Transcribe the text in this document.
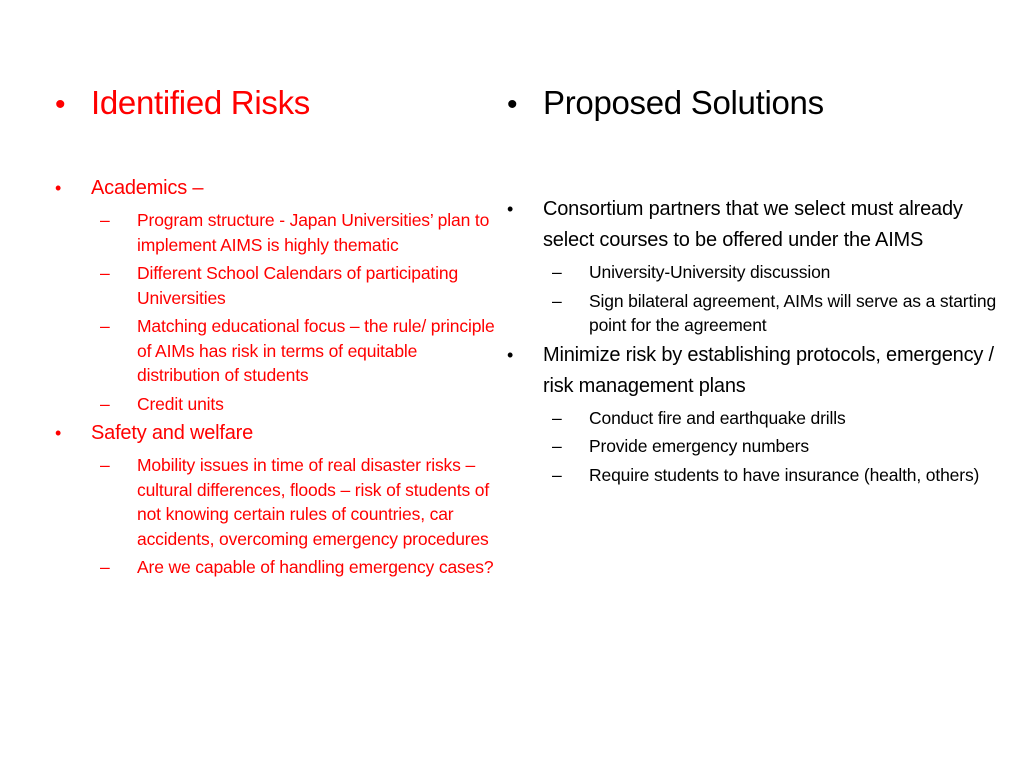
• Identified Risks
•	Academics –
–	Program structure - Japan Universities’ plan to implement AIMS is highly thematic
–	Different School Calendars of participating Universities
–	Matching educational focus – the rule/ principle of AIMs has risk in terms of equitable distribution of students
–	Credit units
•	Safety and welfare
–	Mobility issues in time of real disaster risks – cultural differences, floods – risk of students of not knowing certain rules of countries, car accidents, overcoming emergency procedures
–	Are we capable of handling emergency cases?
• Proposed Solutions
•	Consortium partners that we select must already select courses to be offered under the AIMS
–	University-University discussion
–	Sign bilateral agreement, AIMs will serve as a starting point for the agreement
•	Minimize risk by establishing protocols, emergency / risk management plans
–	Conduct fire and earthquake drills
–	Provide emergency numbers
–	Require students to have insurance (health, others)
